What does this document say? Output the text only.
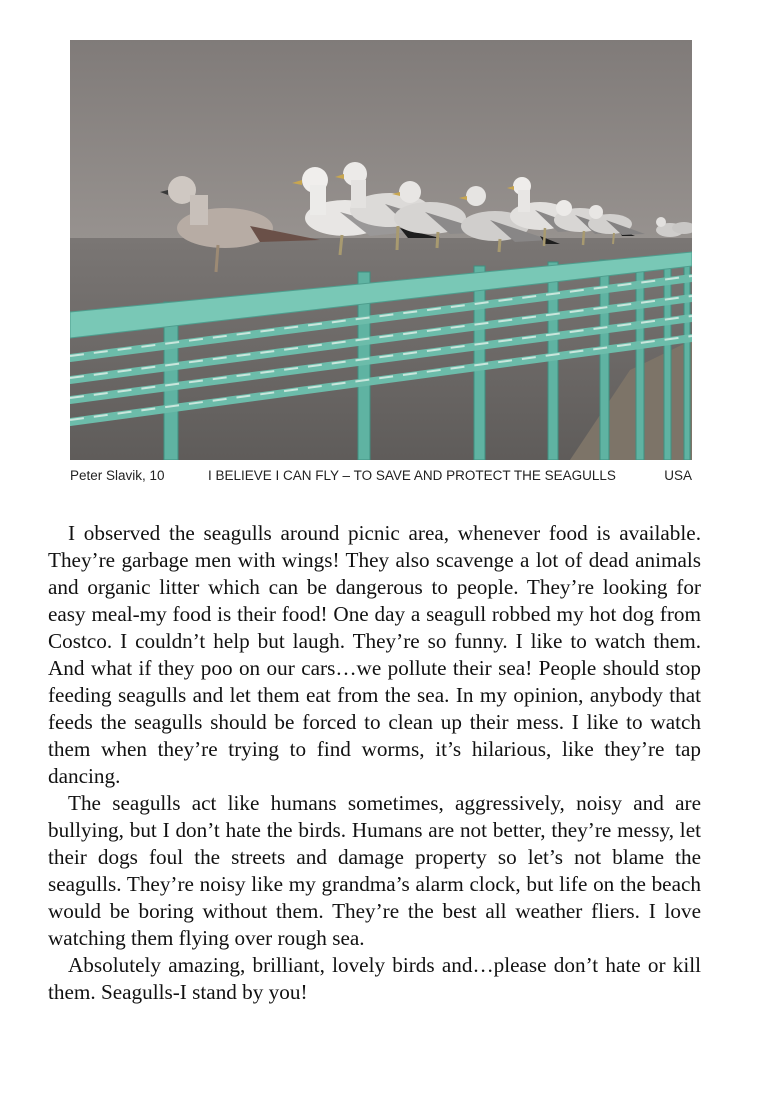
Peter Slavik, 10	I BELIEVE I CAN FLY – TO SAVE AND PROTECT THE SEAGULLS	USA

I observed the seagulls around picnic area, whenever food is available. They’re garbage men with wings! They also scavenge a lot of dead animals and organic litter which can be dangerous to people. They’re looking for easy meal-my food is their food! One day a seagull robbed my hot dog from Costco. I couldn’t help but laugh. They’re so funny. I like to watch them. And what if they poo on our cars…we pollute their sea! People should stop feeding seagulls and let them eat from the sea. In my opinion, anybody that feeds the seagulls should be forced to clean up their mess. I like to watch them when they’re trying to find worms, it’s hilarious, like they’re tap dancing.

The seagulls act like humans sometimes, aggressively, noisy and are bullying, but I don’t hate the birds. Humans are not better, they’re messy, let their dogs foul the streets and damage property so let’s not blame the seagulls. They’re noisy like my grandma’s alarm clock, but life on the beach would be boring without them. They’re the best all weather fliers. I love watching them flying over rough sea.

Absolutely amazing, brilliant, lovely birds and…please don’t hate or kill them. Seagulls-I stand by you!
